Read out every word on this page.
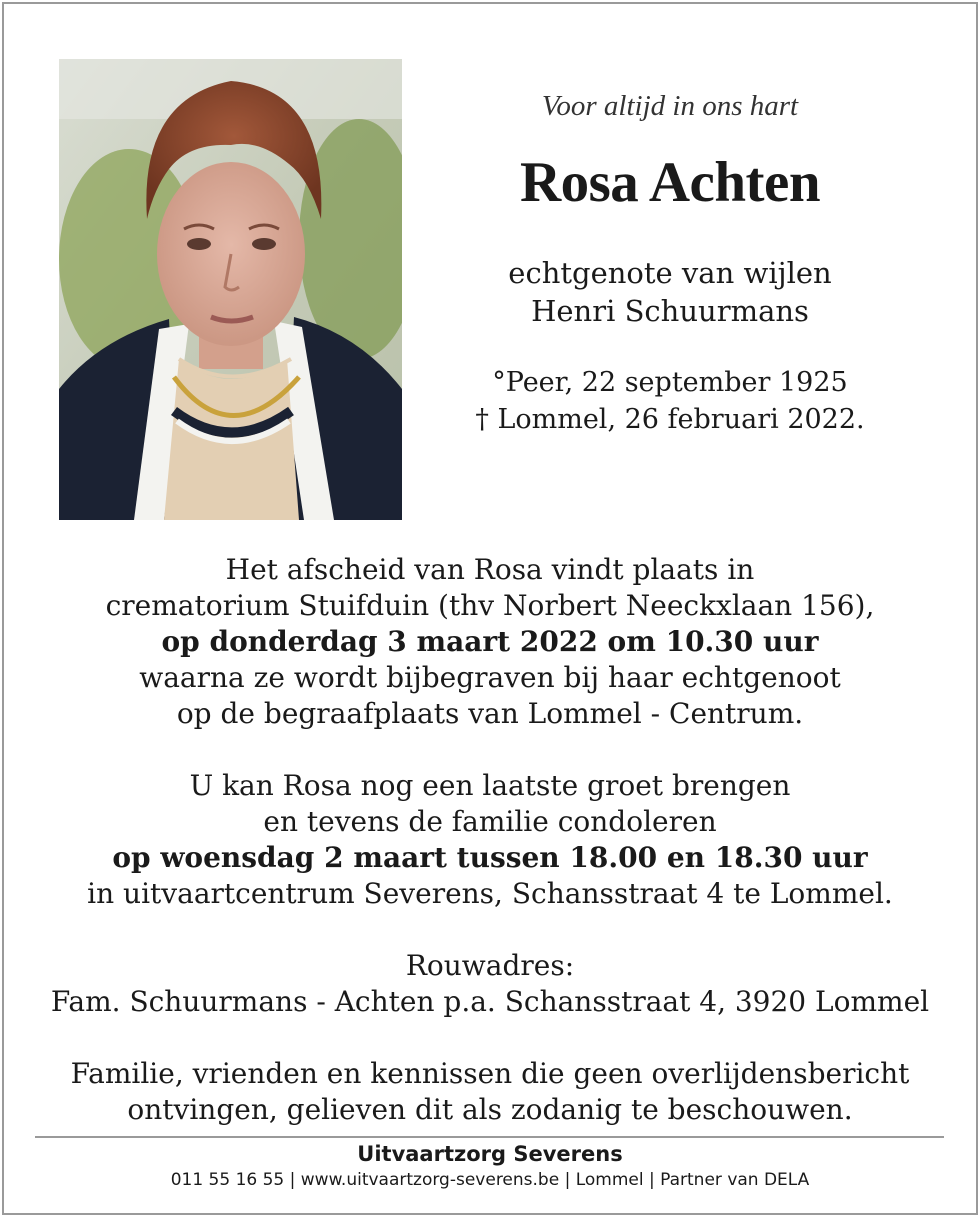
Voor altijd in ons hart
Rosa Achten
echtgenote van wijlen
Henri Schuurmans
°Peer, 22 september 1925
† Lommel, 26 februari 2022.

Het afscheid van Rosa vindt plaats in

crematorium Stuifduin (thv Norbert Neeckxlaan 156),

op donderdag 3 maart 2022 om 10.30 uur

waarna ze wordt bijbegraven bij haar echtgenoot

op de begraafplaats van Lommel - Centrum.

U kan Rosa nog een laatste groet brengen

en tevens de familie condoleren

op woensdag 2 maart tussen 18.00 en 18.30 uur

in uitvaartcentrum Severens, Schansstraat 4 te Lommel.

Rouwadres:

Fam. Schuurmans - Achten p.a. Schansstraat 4, 3920 Lommel

Familie, vrienden en kennissen die geen overlijdensbericht

ontvingen, gelieven dit als zodanig te beschouwen.

Uitvaartzorg Severens
011 55 16 55 | www.uitvaartzorg-severens.be | Lommel | Partner van DELA
